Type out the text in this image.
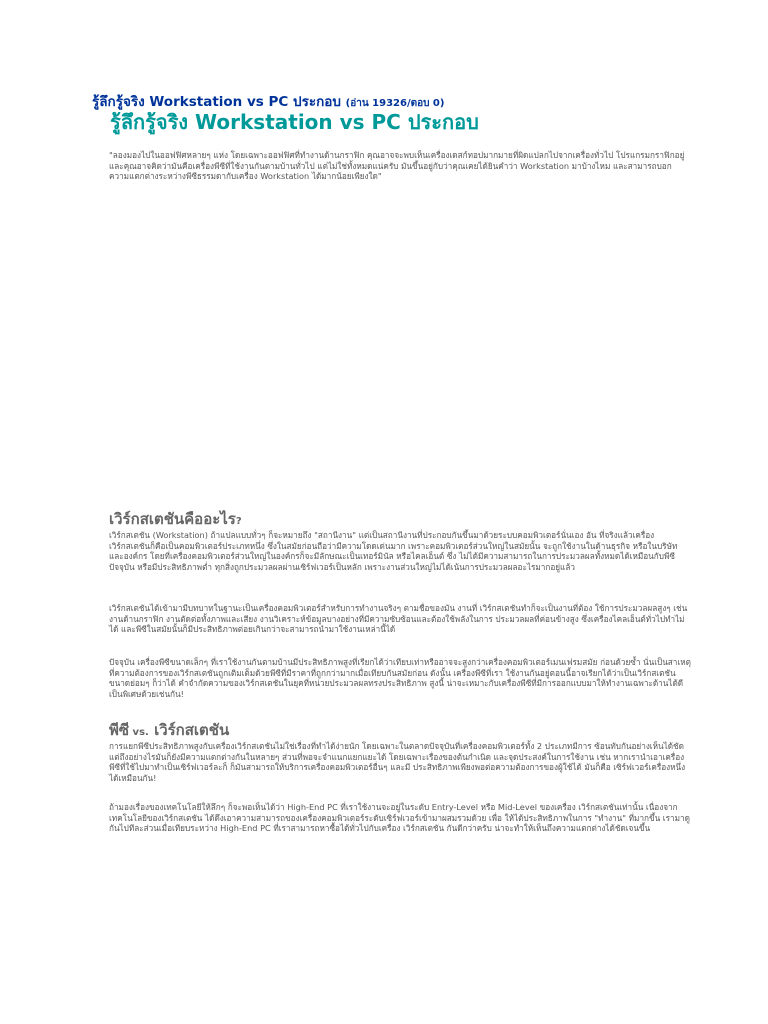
รู้ลึกรู้จริง Workstation vs PC ประกอบ (อ่าน 19326/ตอบ 0)
รู้ลึกรู้จริง Workstation vs PC ประกอบ

"ลองมองไปในออฟฟิศหลายๆ แห่ง โดยเฉพาะออฟฟิศที่ทำงานด้านกราฟิก คุณอาจจะพบเห็นเครื่องเดสก์ทอปมากมายที่ผิดแปลกไปจากเครื่องทั่วไป โปรแกรมกราฟิกอยู่ และคุณอาจคิดว่ามันคือเครื่องพีซีที่ใช้งานกันตามบ้านทั่วไป แต่ไม่ใช่ทั้งหมดแน่ครับ มันขึ้นอยู่กับว่าคุณเคยได้ยินคำว่า Workstation มาบ้างไหม และสามารถบอกความแตกต่างระหว่างพีซีธรรมดากับเครื่อง Workstation ได้มากน้อยเพียงใด"

เวิร์กสเตชันคืออะไร?

เวิร์กสเตชัน (Workstation) ถ้าแปลแบบทั่วๆ ก็จะหมายถึง "สถานีงาน" แต่เป็นสถานีงานที่ประกอบกันขึ้นมาด้วยระบบคอมพิวเตอร์นั่นเอง อัน ที่จริงแล้วเครื่องเวิร์กสเตชันก็คือเป็นคอมพิวเตอร์ประเภทหนึ่ง ซึ่งในสมัยก่อนถือว่ามีความโดดเด่นมาก เพราะคอมพิวเตอร์ส่วนใหญ่ในสมัยนั้น จะถูกใช้งานในด้านธุรกิจ หรือในบริษัทและองค์กร โดยที่เครื่องคอมพิวเตอร์ส่วนใหญ่ในองค์กรก็จะมีลักษณะเป็นเทอร์มินัล หรือไคลเอ็นต์ ซึ่ง ไม่ได้มีความสามารถในการประมวลผลทั้งหมดได้เหมือนกับพีซีปัจจุบัน หรือมีประสิทธิภาพต่ำ ทุกสิ่งถูกประมวลผลผ่านเซิร์ฟเวอร์เป็นหลัก เพราะงานส่วนใหญ่ไม่ได้เน้นการประมวลผลอะไรมากอยู่แล้ว

เวิร์กสเตชันได้เข้ามามีบทบาทในฐานะเป็นเครื่องคอมพิวเตอร์สำหรับการทำงานจริงๆ ตามชื่อของมัน งานที่ เวิร์กสเตชันทำก็จะเป็นงานที่ต้อง ใช้การประมวลผลสูงๆ เช่น งานด้านกราฟิก งานตัดต่อทั้งภาพและเสียง งานวิเคราะห์ข้อมูลบางอย่างที่มีความซับซ้อนและต้องใช้พลังในการ ประมวลผลที่ค่อนข้างสูง ซึ่งเครื่องไคลเอ็นต์ทั่วไปทำไม่ได้ และพีซีในสมัยนั้นก็มีประสิทธิภาพต่อยเกินกว่าจะสามารถนำมาใช้งานเหล่านี้ได้

ปัจจุบัน เครื่องพีซีขนาดเล็กๆ ที่เราใช้งานกันตามบ้านมีประสิทธิภาพสูงที่เรียกได้ว่าเทียบเท่าหรืออาจจะสูงกว่าเครื่องคอมพิวเตอร์เมนเฟรมสมัย ก่อนด้วยซ้ำ นั่นเป็นสาเหตุที่ความต้องการของเวิร์กสเตชันถูกเติมเต็มด้วยพีซีที่มีราคาที่ถูกกว่ามากเมื่อเทียบกันสมัยก่อน ดังนั้น เครื่องพีซีที่เรา ใช้งานกันอยู่ตอนนี้อาจเรียกได้ว่าเป็นเวิร์กสเตชันขนาดย่อมๆ ก็ว่าได้ คำจำกัดความของเวิร์กสเตชันในยุคที่หน่วยประมวลผลทรงประสิทธิภาพ สูงนี้ น่าจะเหมาะกับเครื่องพีซีที่มีการออกแบบมาให้ทำงานเฉพาะด้านได้ดีเป็นพิเศษด้วยเช่นกัน!

พีซี vs. เวิร์กสเตชัน

การแยกพีซีประสิทธิภาพสูงกับเครื่องเวิร์กสเตชันไม่ใช่เรื่องที่ทำได้ง่ายนัก โดยเฉพาะในตลาดปัจจุบันที่เครื่องคอมพิวเตอร์ทั้ง 2 ประเภทมีการ ซ้อนทับกันอย่างเห็นได้ชัด แต่ถึงอย่างไรมันก็ยังมีความแตกต่างกันในหลายๆ ส่วนที่พอจะจำแนกแยกแยะได้ โดยเฉพาะเรื่องของต้นกำเนิด และจุดประสงค์ในการใช้งาน เช่น หากเรานำเอาเครื่องพีซีที่ใช้ไปมาทำเป็นเซิร์ฟเวอร์ละก็ ก็มันสามารถให้บริการเครื่องคอมพิวเตอร์อื่นๆ และมี ประสิทธิภาพเพียงพอต่อความต้องการของผู้ใช้ได้ มันก็คือ เซิร์ฟเวอร์เครื่องหนึ่งได้เหมือนกัน!

ถ้ามองเรื่องของเทคโนโลยีให้ลึกๆ ก็จะพอเห็นได้ว่า High-End PC ที่เราใช้งานจะอยู่ในระดับ Entry-Level หรือ Mid-Level ของเครื่อง เวิร์กสเตชันเท่านั้น เนื่องจากเทคโนโลยีของเวิร์กสเตชัน ได้ดึงเอาความสามารถของเครื่องคอมพิวเตอร์ระดับเซิร์ฟเวอร์เข้ามาผสมรวมด้วย เพื่อ ให้ได้ประสิทธิภาพในการ "ทำงาน" ที่มากขึ้น เรามาดูกันไปทีละส่วนเมื่อเทียบระหว่าง High-End PC ที่เราสามารถหาซื้อได้ทั่วไปกับเครื่อง เวิร์กสเตชัน กันดีกว่าครับ น่าจะทำให้เห็นถึงความแตกต่างได้ชัดเจนขึ้น
